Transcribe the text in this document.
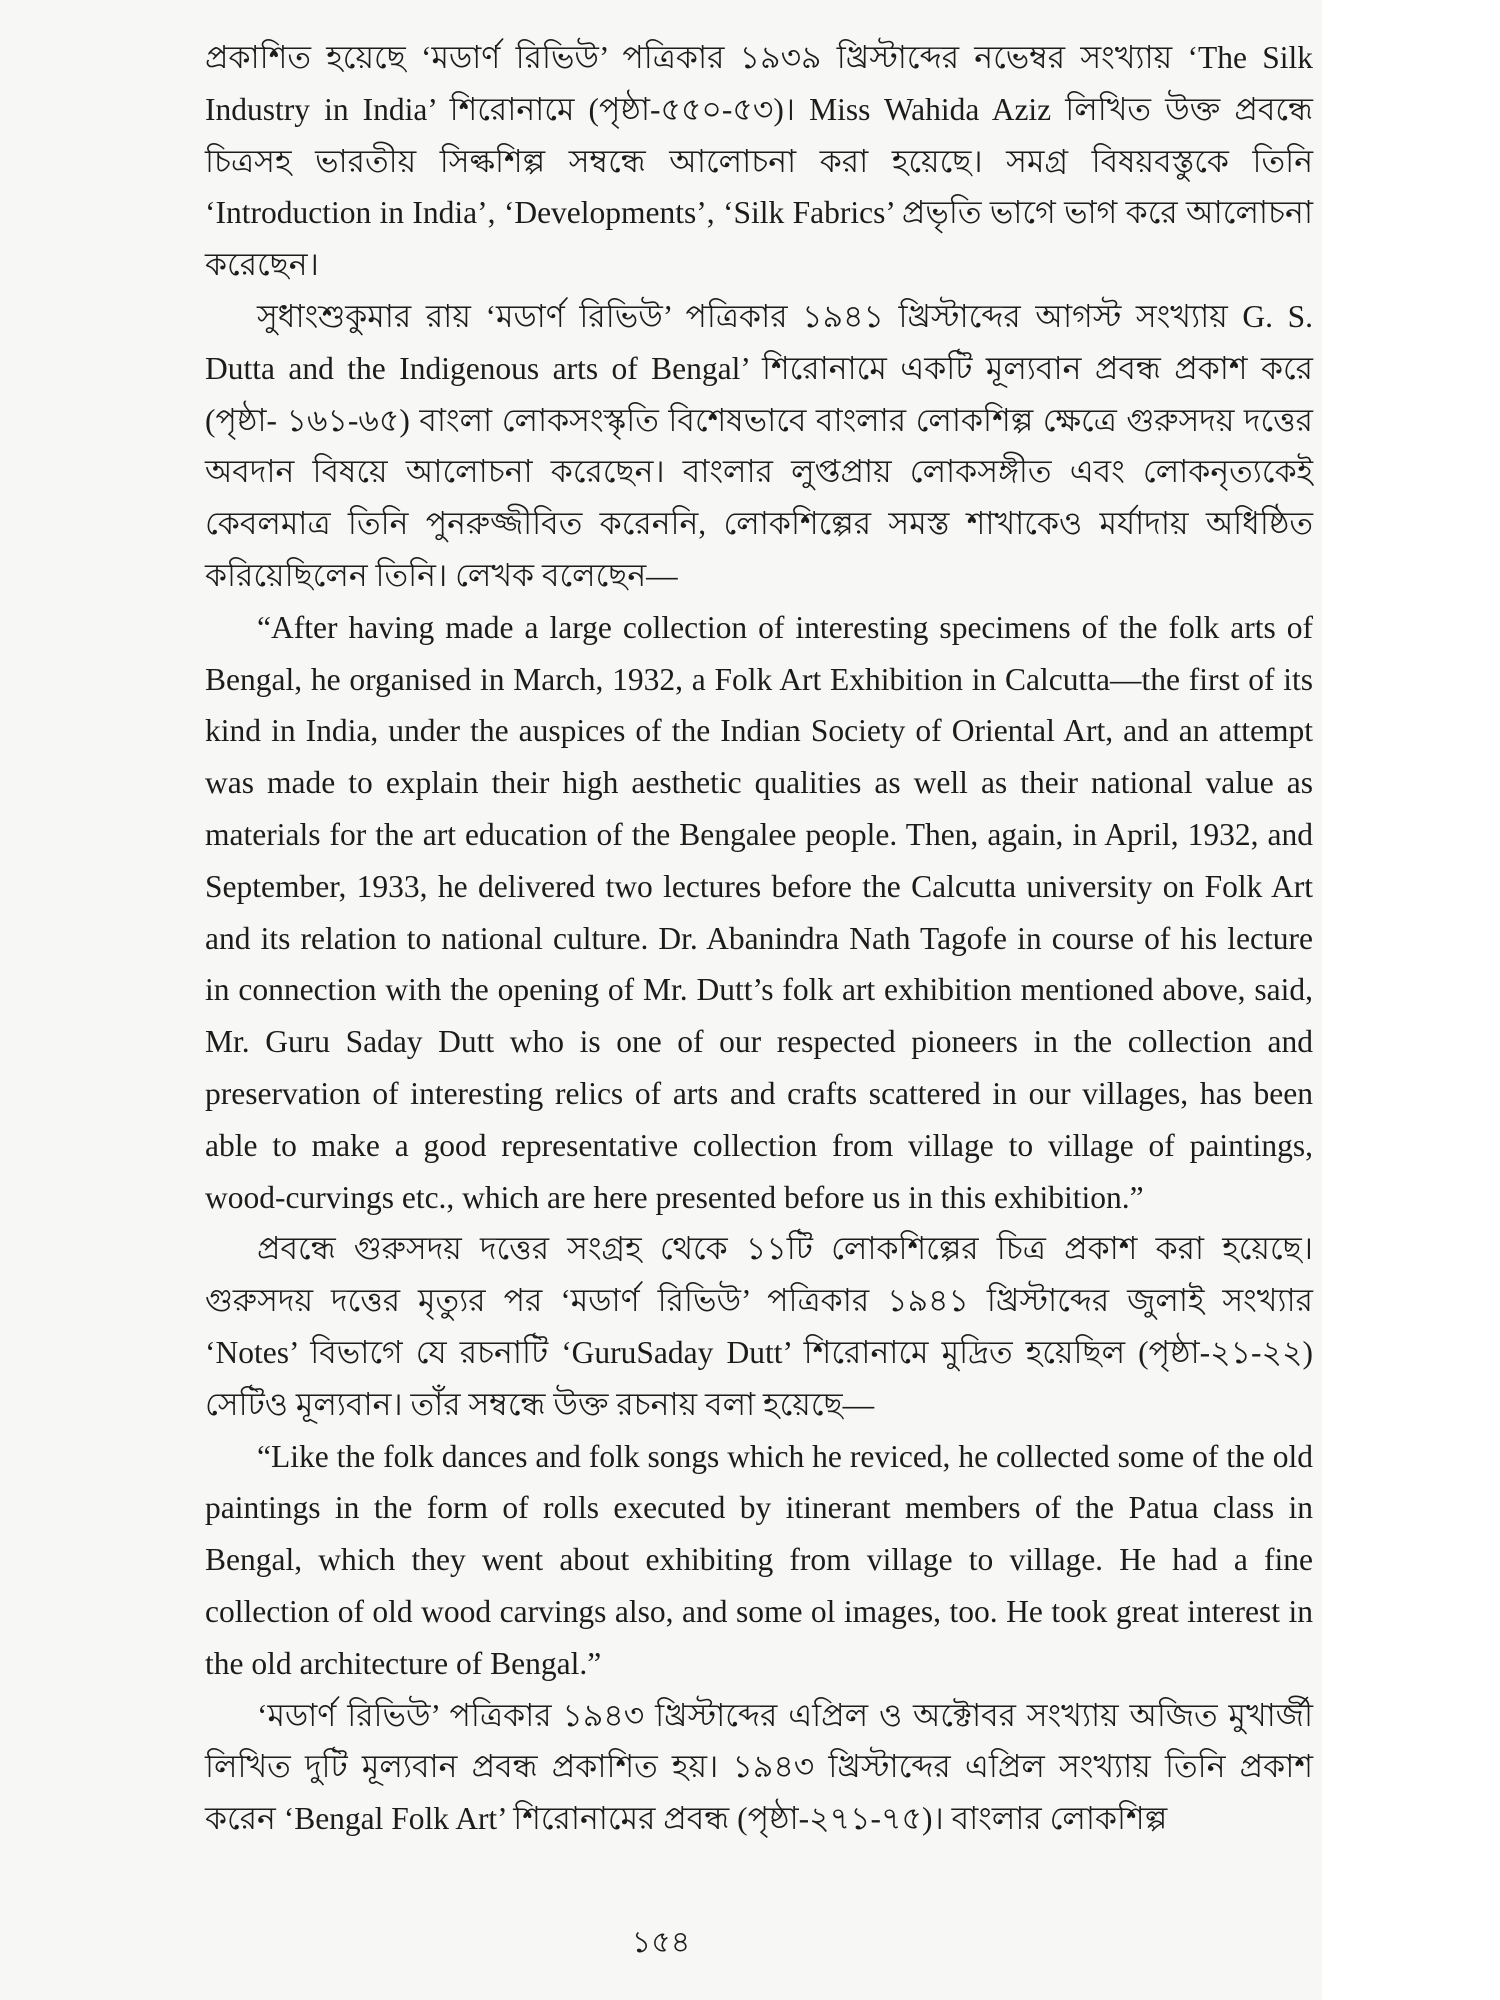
প্রকাশিত হয়েছে ‘মডার্ণ রিভিউ’ পত্রিকার ১৯৩৯ খ্রিস্টাব্দের নভেম্বর সংখ্যায় ‘The Silk Industry in India’ শিরোনামে (পৃষ্ঠা-৫৫০-৫৩)। Miss Wahida Aziz লিখিত উক্ত প্রবন্ধে চিত্রসহ ভারতীয় সিল্কশিল্প সম্বন্ধে আলোচনা করা হয়েছে। সমগ্র বিষয়বস্তুকে তিনি ‘Introduction in India’, ‘Developments’, ‘Silk Fabrics’ প্রভৃতি ভাগে ভাগ করে আলোচনা করেছেন।

সুধাংশুকুমার রায় ‘মডার্ণ রিভিউ’ পত্রিকার ১৯৪১ খ্রিস্টাব্দের আগস্ট সংখ্যায় G. S. Dutta and the Indigenous arts of Bengal’ শিরোনামে একটি মূল্যবান প্রবন্ধ প্রকাশ করে (পৃষ্ঠা- ১৬১-৬৫) বাংলা লোকসংস্কৃতি বিশেষভাবে বাংলার লোকশিল্প ক্ষেত্রে গুরুসদয় দত্তের অবদান বিষয়ে আলোচনা করেছেন। বাংলার লুপ্তপ্রায় লোকসঙ্গীত এবং লোকনৃত্যকেই কেবলমাত্র তিনি পুনরুজ্জীবিত করেননি, লোকশিল্পের সমস্ত শাখাকেও মর্যাদায় অধিষ্ঠিত করিয়েছিলেন তিনি। লেখক বলেছেন—

“After having made a large collection of interesting specimens of the folk arts of Bengal, he organised in March, 1932, a Folk Art Exhibition in Calcutta—the first of its kind in India, under the auspices of the Indian Society of Oriental Art, and an attempt was made to explain their high aesthetic qualities as well as their national value as materials for the art education of the Bengalee people. Then, again, in April, 1932, and September, 1933, he delivered two lectures before the Calcutta university on Folk Art and its relation to national culture. Dr. Abanindra Nath Tagofe in course of his lecture in connection with the opening of Mr. Dutt’s folk art exhibition mentioned above, said, Mr. Guru Saday Dutt who is one of our respected pioneers in the collection and preservation of interesting relics of arts and crafts scattered in our villages, has been able to make a good representative collection from village to village of paintings, wood-curvings etc., which are here presented before us in this exhibition.”

প্রবন্ধে গুরুসদয় দত্তের সংগ্রহ থেকে ১১টি লোকশিল্পের চিত্র প্রকাশ করা হয়েছে। গুরুসদয় দত্তের মৃত্যুর পর ‘মডার্ণ রিভিউ’ পত্রিকার ১৯৪১ খ্রিস্টাব্দের জুলাই সংখ্যার ‘Notes’ বিভাগে যে রচনাটি ‘GuruSaday Dutt’ শিরোনামে মুদ্রিত হয়েছিল (পৃষ্ঠা-২১-২২) সেটিও মূল্যবান। তাঁর সম্বন্ধে উক্ত রচনায় বলা হয়েছে—

“Like the folk dances and folk songs which he reviced, he collected some of the old paintings in the form of rolls executed by itinerant members of the Patua class in Bengal, which they went about exhibiting from village to village. He had a fine collection of old wood carvings also, and some ol images, too. He took great interest in the old architecture of Bengal.”

‘মডার্ণ রিভিউ’ পত্রিকার ১৯৪৩ খ্রিস্টাব্দের এপ্রিল ও অক্টোবর সংখ্যায় অজিত মুখার্জী লিখিত দুটি মূল্যবান প্রবন্ধ প্রকাশিত হয়। ১৯৪৩ খ্রিস্টাব্দের এপ্রিল সংখ্যায় তিনি প্রকাশ করেন ‘Bengal Folk Art’ শিরোনামের প্রবন্ধ (পৃষ্ঠা-২৭১-৭৫)। বাংলার লোকশিল্প

১৫৪
